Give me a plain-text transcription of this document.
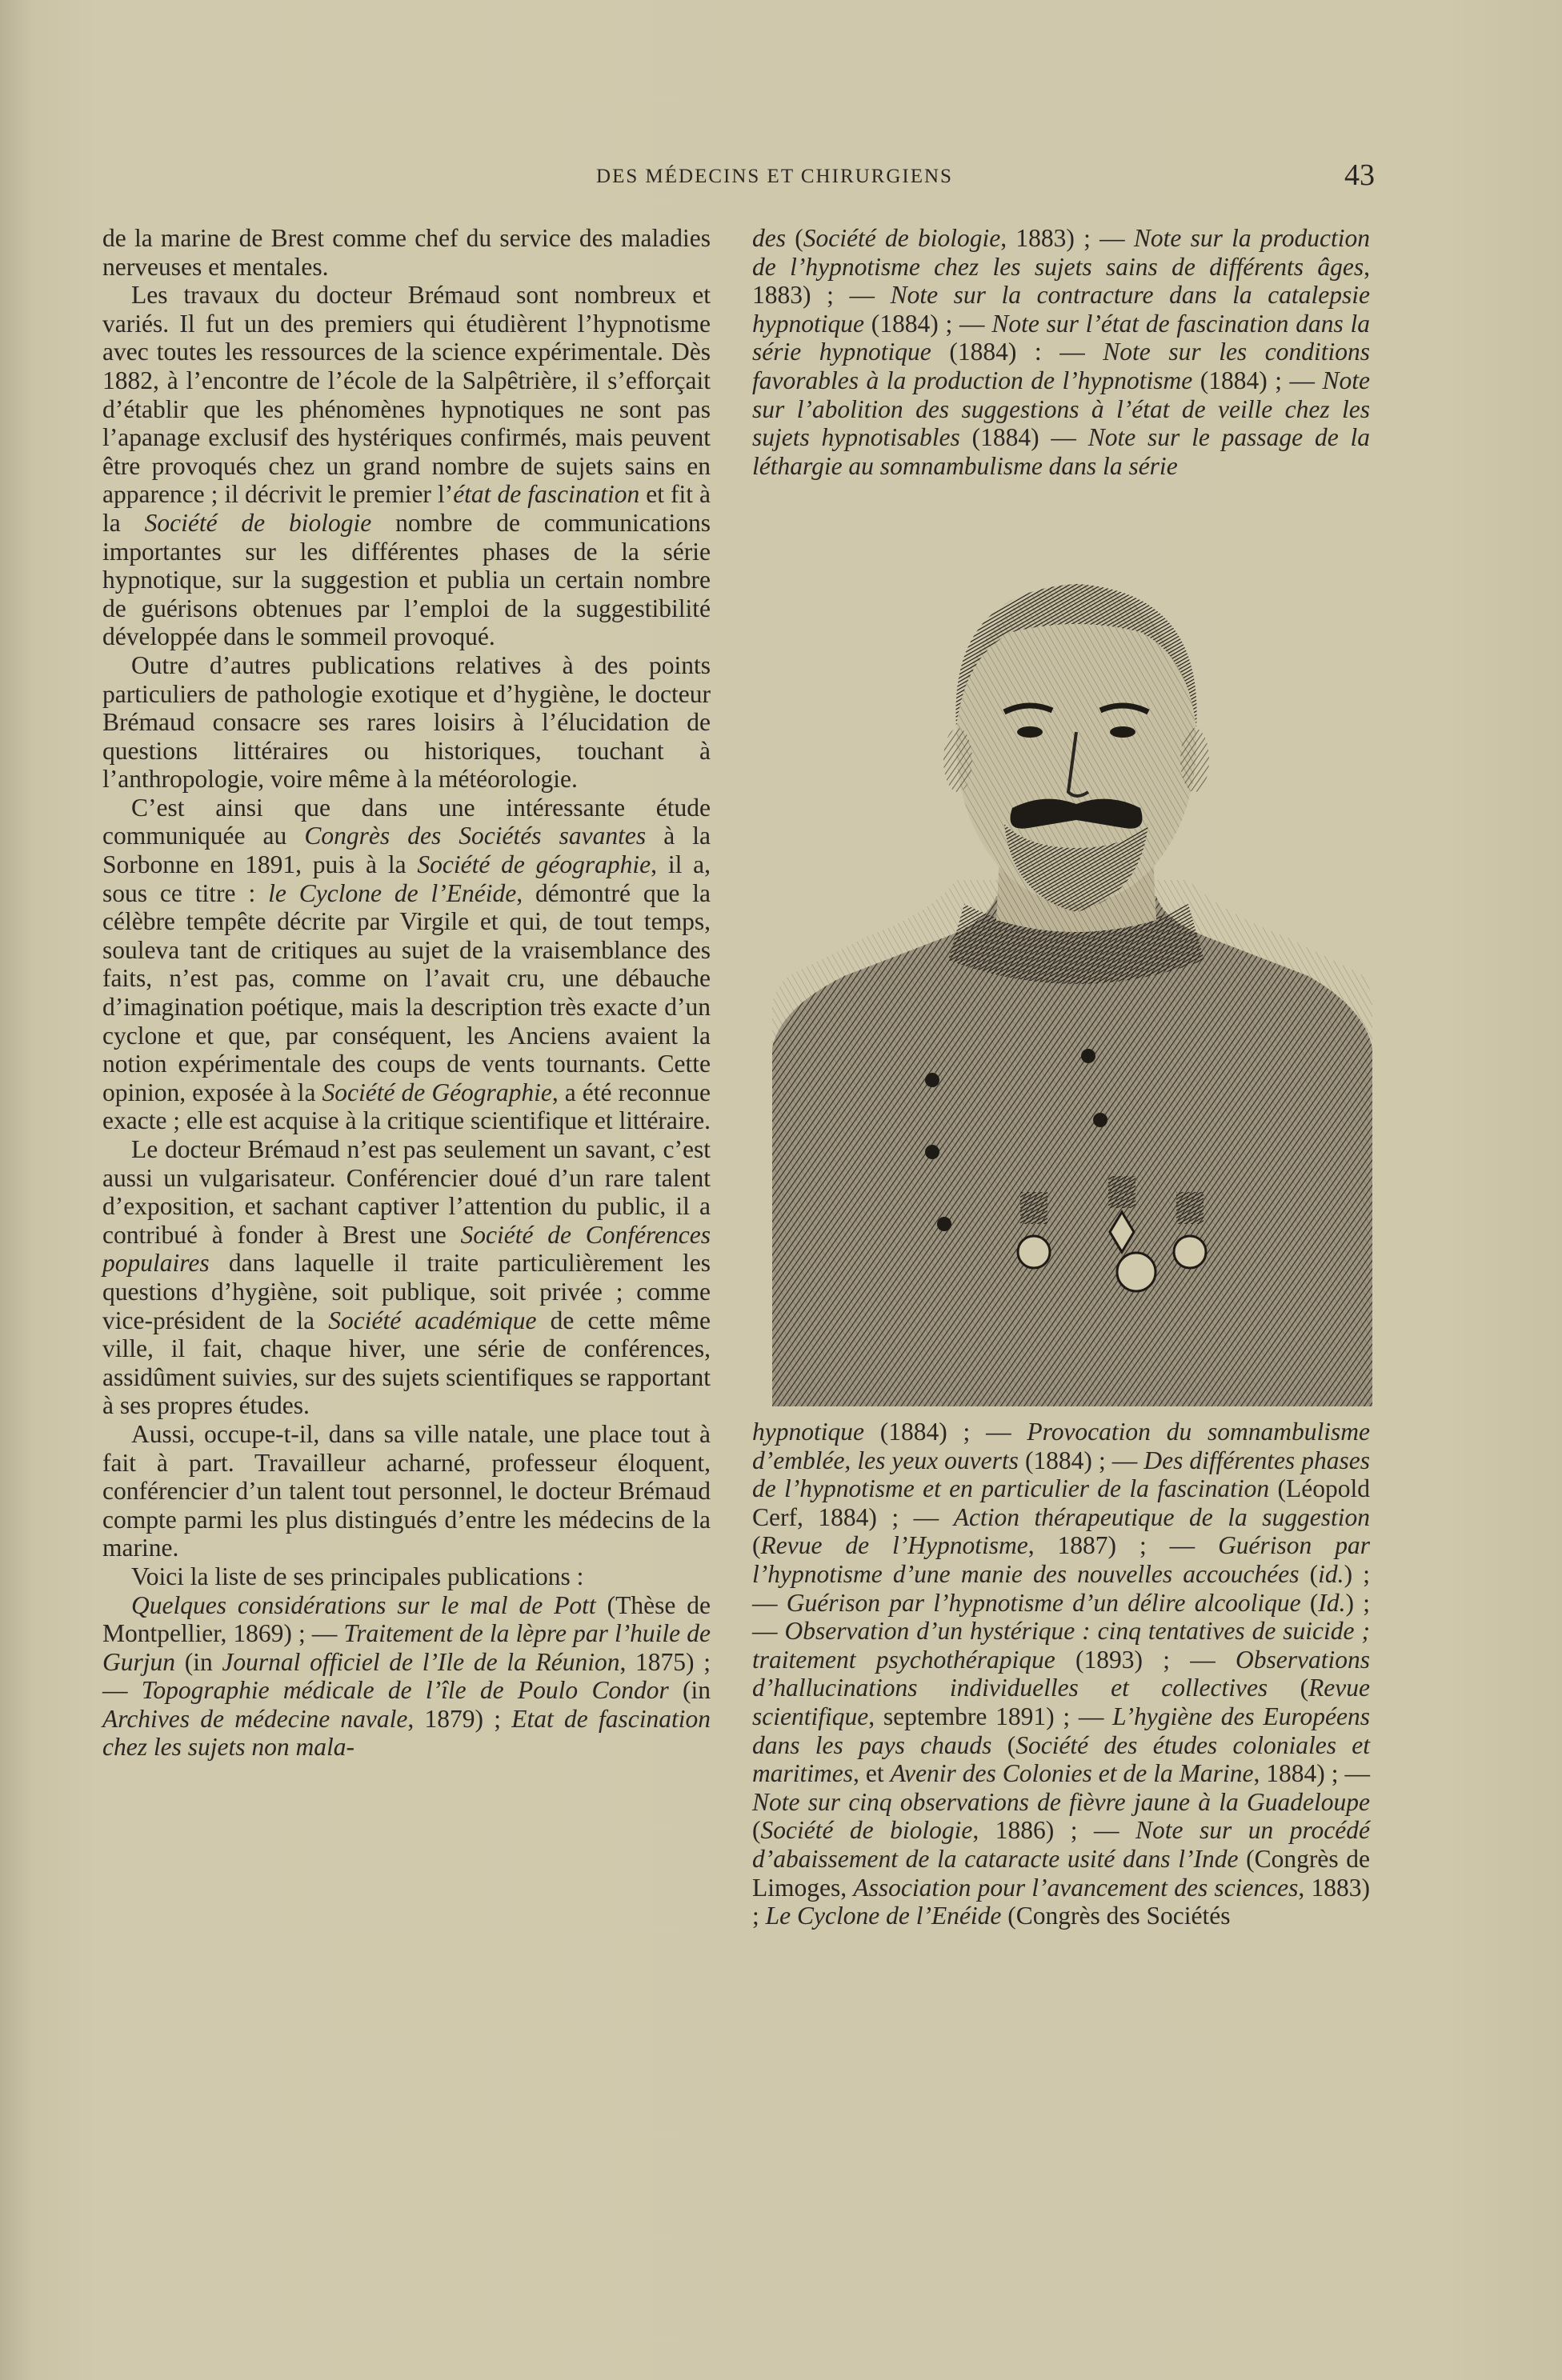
DES MÉDECINS ET CHIRURGIENS	43

de la marine de Brest comme chef du service des maladies nerveuses et mentales.

Les travaux du docteur Brémaud sont nombreux et variés. Il fut un des premiers qui étudièrent l’hypnotisme avec toutes les ressources de la science expérimentale. Dès 1882, à l’encontre de l’école de la Salpêtrière, il s’efforçait d’établir que les phénomènes hypnotiques ne sont pas l’apanage exclusif des hystériques confirmés, mais peuvent être provoqués chez un grand nombre de sujets sains en apparence ; il décrivit le premier l’état de fascination et fit à la Société de biologie nombre de communications importantes sur les différentes phases de la série hypnotique, sur la suggestion et publia un certain nombre de guérisons obtenues par l’emploi de la suggestibilité développée dans le sommeil provoqué.

Outre d’autres publications relatives à des points particuliers de pathologie exotique et d’hygiène, le docteur Brémaud consacre ses rares loisirs à l’élucidation de questions littéraires ou historiques, touchant à l’anthropologie, voire même à la météorologie.

C’est ainsi que dans une intéressante étude communiquée au Congrès des Sociétés savantes à la Sorbonne en 1891, puis à la Société de géographie, il a, sous ce titre : le Cyclone de l’Enéide, démontré que la célèbre tempête décrite par Virgile et qui, de tout temps, souleva tant de critiques au sujet de la vraisemblance des faits, n’est pas, comme on l’avait cru, une débauche d’imagination poétique, mais la description très exacte d’un cyclone et que, par conséquent, les Anciens avaient la notion expérimentale des coups de vents tournants. Cette opinion, exposée à la Société de Géographie, a été reconnue exacte ; elle est acquise à la critique scientifique et littéraire.

Le docteur Brémaud n’est pas seulement un savant, c’est aussi un vulgarisateur. Conférencier doué d’un rare talent d’exposition, et sachant captiver l’attention du public, il a contribué à fonder à Brest une Société de Conférences populaires dans laquelle il traite particulièrement les questions d’hygiène, soit publique, soit privée ; comme vice-président de la Société académique de cette même ville, il fait, chaque hiver, une série de conférences, assidûment suivies, sur des sujets scientifiques se rapportant à ses propres études.

Aussi, occupe-t-il, dans sa ville natale, une place tout à fait à part. Travailleur acharné, professeur éloquent, conférencier d’un talent tout personnel, le docteur Brémaud compte parmi les plus distingués d’entre les médecins de la marine.

Voici la liste de ses principales publications :

Quelques considérations sur le mal de Pott (Thèse de Montpellier, 1869) ; — Traitement de la lèpre par l’huile de Gurjun (in Journal officiel de l’Ile de la Réunion, 1875) ; — Topographie médicale de l’île de Poulo Condor (in Archives de médecine navale, 1879) ; Etat de fascination chez les sujets non mala-

des (Société de biologie, 1883) ; — Note sur la production de l’hypnotisme chez les sujets sains de différents âges, 1883) ; — Note sur la contracture dans la catalepsie hypnotique (1884) ; — Note sur l’état de fascination dans la série hypnotique (1884) : — Note sur les conditions favorables à la production de l’hypnotisme (1884) ; — Note sur l’abolition des suggestions à l’état de veille chez les sujets hypnotisables (1884) — Note sur le passage de la léthargie au somnambulisme dans la série

hypnotique (1884) ; — Provocation du somnambulisme d’emblée, les yeux ouverts (1884) ; — Des différentes phases de l’hypnotisme et en particulier de la fascination (Léopold Cerf, 1884) ; — Action thérapeutique de la suggestion (Revue de l’Hypnotisme, 1887) ; — Guérison par l’hypnotisme d’une manie des nouvelles accouchées (id.) ; — Guérison par l’hypnotisme d’un délire alcoolique (Id.) ; — Observation d’un hystérique : cinq tentatives de suicide ; traitement psychothérapique (1893) ; — Observations d’hallucinations individuelles et collectives (Revue scientifique, septembre 1891) ; — L’hygiène des Européens dans les pays chauds (Société des études coloniales et maritimes, et Avenir des Colonies et de la Marine, 1884) ; — Note sur cinq observations de fièvre jaune à la Guadeloupe (Société de biologie, 1886) ; — Note sur un procédé d’abaissement de la cataracte usité dans l’Inde (Congrès de Limoges, Association pour l’avancement des sciences, 1883) ; Le Cyclone de l’Enéide (Congrès des Sociétés
